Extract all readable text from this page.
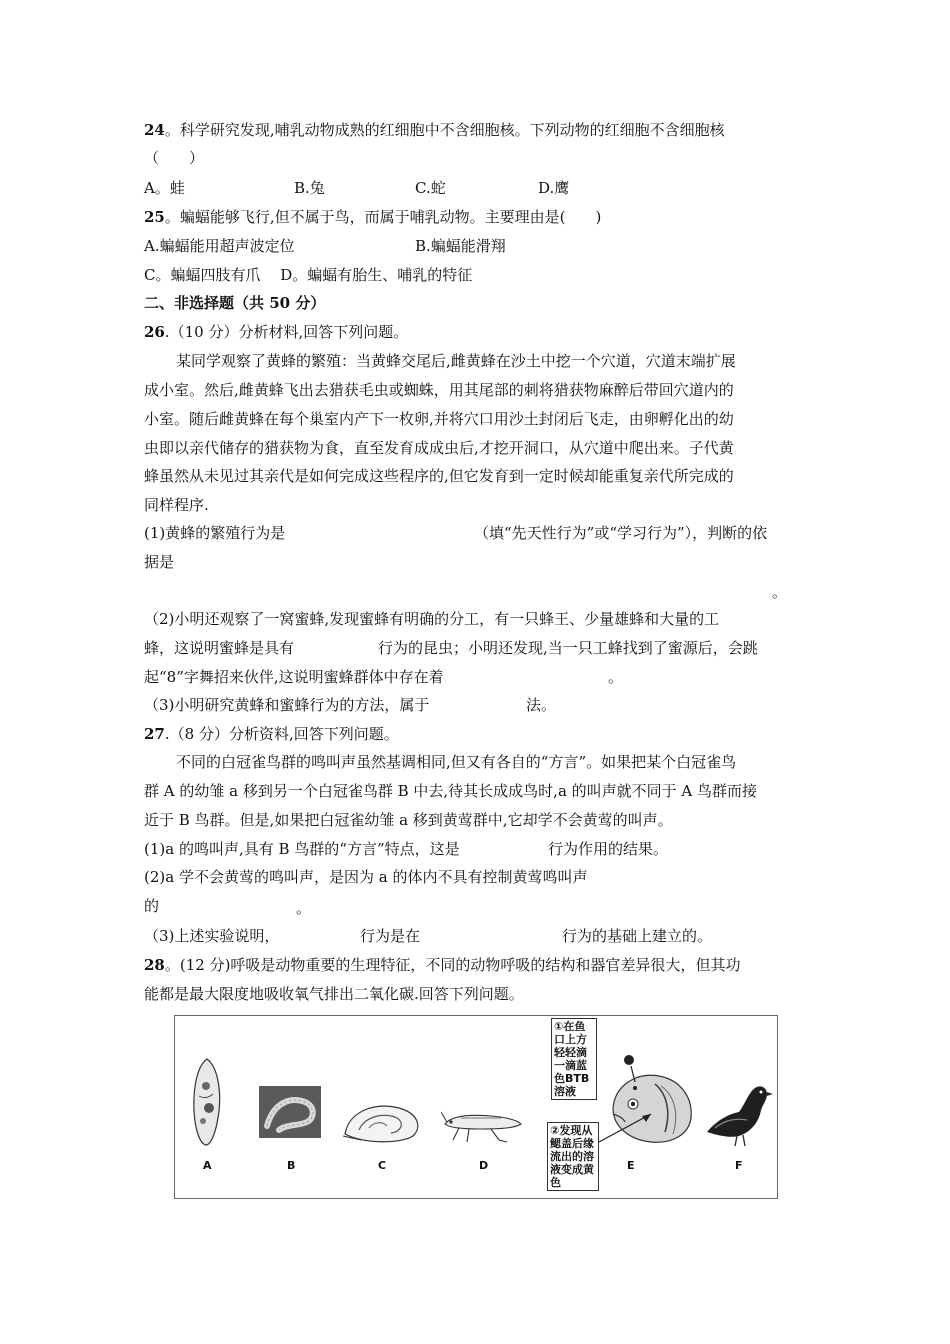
24。科学研究发现,哺乳动物成熟的红细胞中不含细胞核。下列动物的红细胞不含细胞核
（　　）
A。蛙	B.兔	C.蛇	D.鹰
25。蝙蝠能够飞行,但不属于鸟，而属于哺乳动物。主要理由是(　　)
A.蝙蝠能用超声波定位	B.蝙蝠能滑翔
C。蝙蝠四肢有爪　 D。蝙蝠有胎生、哺乳的特征
二、非选择题（共 50 分）
26.（10 分）分析材料,回答下列问题。
某同学观察了黄蜂的繁殖：当黄蜂交尾后,雌黄蜂在沙土中挖一个穴道，穴道末端扩展
成小室。然后,雌黄蜂飞出去猎获毛虫或蜘蛛，用其尾部的刺将猎获物麻醉后带回穴道内的
小室。随后雌黄蜂在每个巢室内产下一枚卵,并将穴口用沙土封闭后飞走，由卵孵化出的幼
虫即以亲代储存的猎获物为食，直至发育成成虫后,才挖开洞口，从穴道中爬出来。子代黄
蜂虽然从未见过其亲代是如何完成这些程序的,但它发育到一定时候却能重复亲代所完成的
同样程序.
(1)黄蜂的繁殖行为是	（填“先天性行为”或“学习行为”），判断的依
据是
。
（2)小明还观察了一窝蜜蜂,发现蜜蜂有明确的分工，有一只蜂王、少量雄蜂和大量的工
蜂，这说明蜜蜂是具有	行为的昆虫；小明还发现,当一只工蜂找到了蜜源后，会跳
起“8”字舞招来伙伴,这说明蜜蜂群体中存在着	。
（3)小明研究黄蜂和蜜蜂行为的方法，属于	法。
27.（8 分）分析资料,回答下列问题。
不同的白冠雀鸟群的鸣叫声虽然基调相同,但又有各自的“方言”。如果把某个白冠雀鸟
群 A 的幼雏 a 移到另一个白冠雀鸟群 B 中去,待其长成成鸟时,a 的叫声就不同于 A 鸟群而接
近于 B 鸟群。但是,如果把白冠雀幼雏 a 移到黄莺群中,它却学不会黄莺的叫声。
(1)a 的鸣叫声,具有 B 鸟群的“方言”特点，这是	行为作用的结果。
(2)a 学不会黄莺的鸣叫声，是因为 a 的体内不具有控制黄莺鸣叫声
的	。
（3)上述实验说明，	行为是在	行为的基础上建立的。
28。(12 分)呼吸是动物重要的生理特征，不同的动物呼吸的结构和器官差异很大，但其功
能都是最大限度地吸收氧气排出二氧化碳.回答下列问题。
A	B	C	D	E	F
①在鱼口上方轻轻滴一滴蓝色BTB溶液
②发现从鳃盖后缘流出的溶液变成黄色
